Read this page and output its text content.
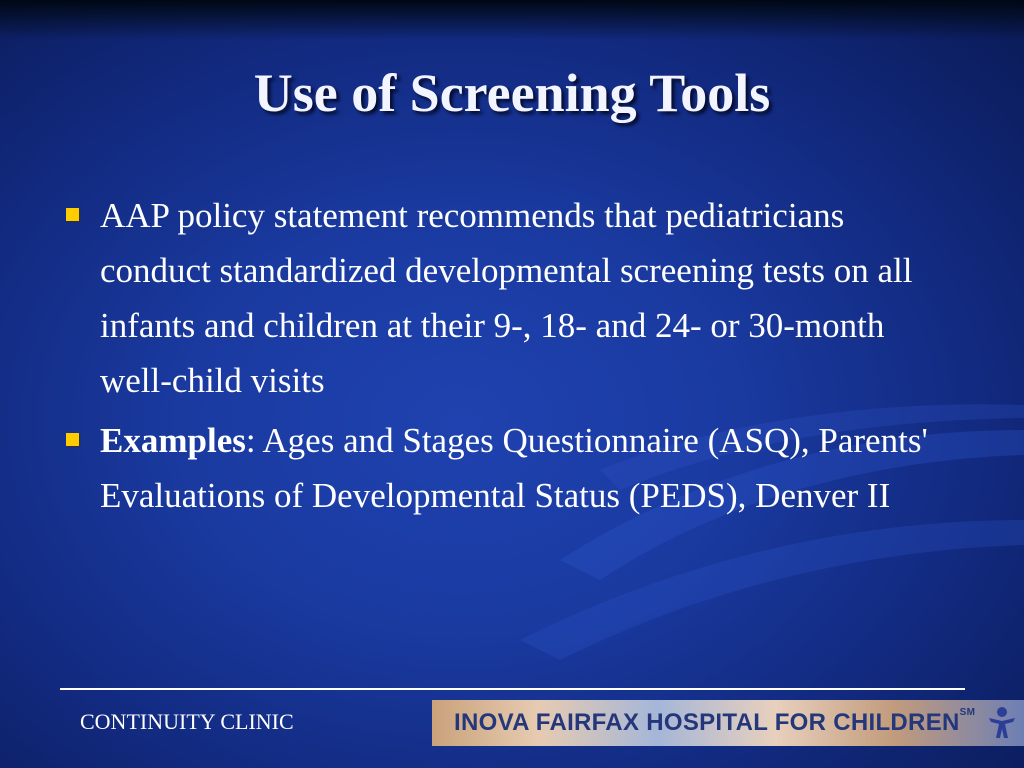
Use of Screening Tools
AAP policy statement recommends that pediatricians conduct standardized developmental screening tests on all infants and children at their 9-, 18- and 24- or 30-month well-child visits
Examples: Ages and Stages Questionnaire (ASQ), Parents' Evaluations of Developmental Status (PEDS), Denver II
CONTINUITY CLINIC	INOVA FAIRFAX HOSPITAL FOR CHILDREN℠
